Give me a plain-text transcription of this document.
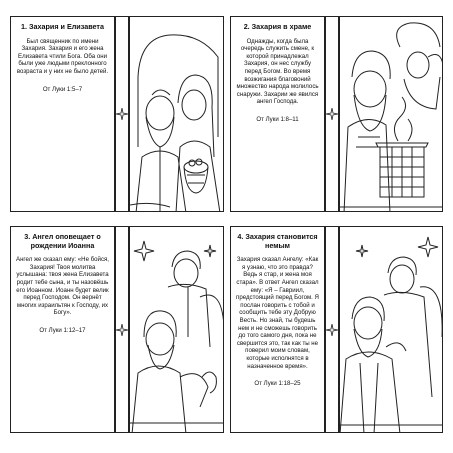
1. Захария и Елизавета
Был священник по имени Захария. Захария и его жена Елизавета чтили Бога. Оба они были уже людьми преклонного возраста и у них не было детей.
От Луки 1:5–7
2. Захария в храме
Однажды, когда была очередь служить смене, к которой принадлежал Захария, он нес службу перед Богом. Во время возжигания благовоний множество народа молилось снаружи. Захарии же явился ангел Господа.
От Луки 1:8–11
3. Ангел оповещает о рождении Иоанна
Ангел же сказал ему: «Не бойся, Захария! Твоя молитва услышана: твоя жена Елизавета родит тебе сына, и ты назовёшь его Иоанном. Иоанн будет велик перед Господом. Он вернёт многих израильтян к Господу, их Богу».
От Луки 1:12–17
4. Захария становится немым
Захария сказал Ангелу: «Как я узнаю, что это правда? Ведь я стар, и жена моя стара». В ответ Ангел сказал ему: «Я – Гавриил, предстоящий перед Богом. Я послан говорить с тобой и сообщить тебе эту Добрую Весть. Но знай, ты будешь нем и не сможешь говорить до того самого дня, пока не свершится это, так как ты не поверил моим словам, которые исполнятся в назначенное время».
От Луки 1:18–25
